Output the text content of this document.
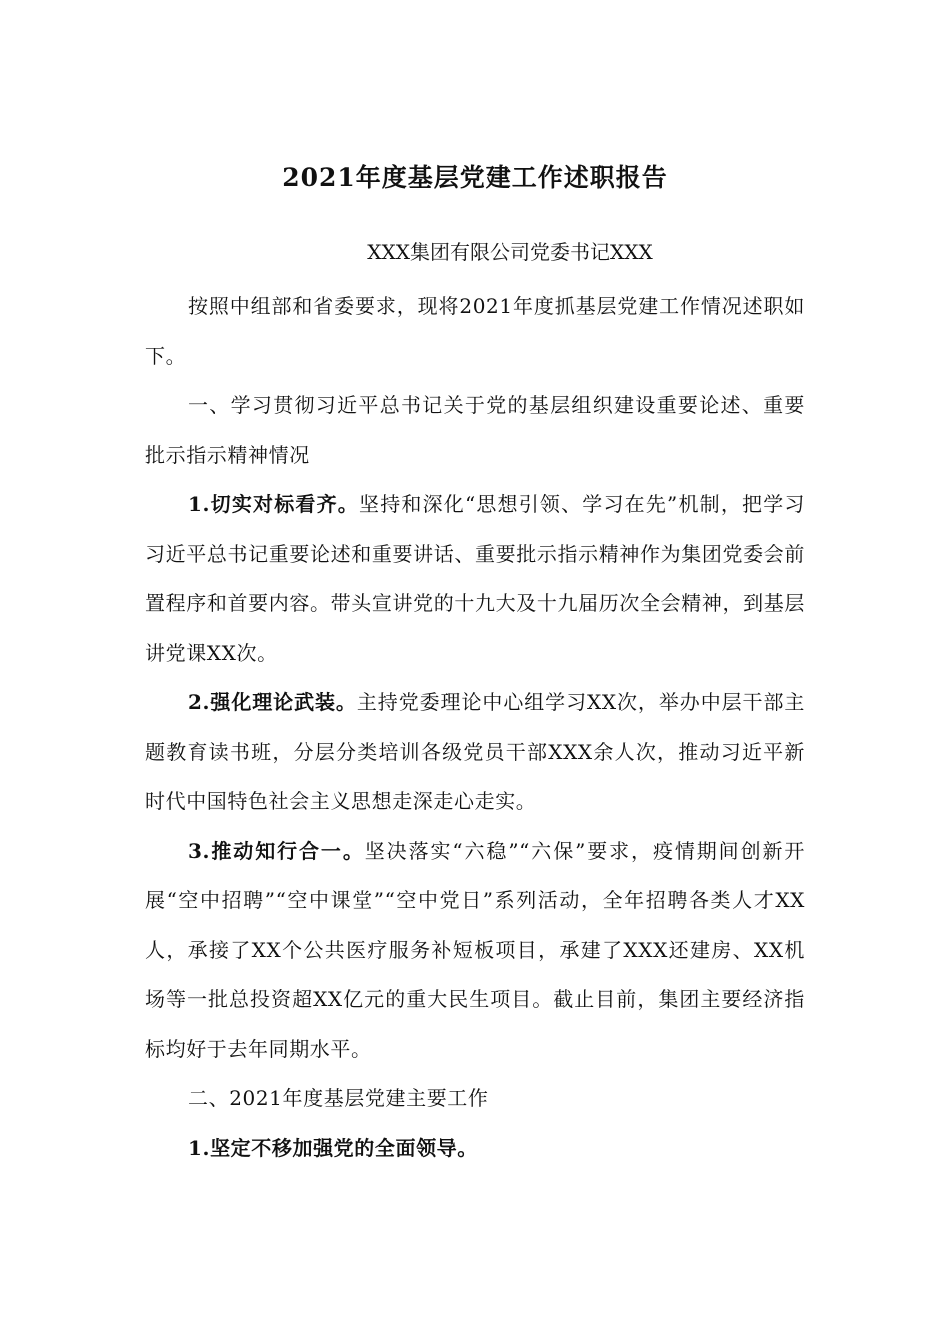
2021年度基层党建工作述职报告
XXX集团有限公司党委书记XXX

按照中组部和省委要求，现将2021年度抓基层党建工作情况述职如下。

一、学习贯彻习近平总书记关于党的基层组织建设重要论述、重要批示指示精神情况

1.切实对标看齐。坚持和深化“思想引领、学习在先”机制，把学习习近平总书记重要论述和重要讲话、重要批示指示精神作为集团党委会前置程序和首要内容。带头宣讲党的十九大及十九届历次全会精神，到基层讲党课XX次。

2.强化理论武装。主持党委理论中心组学习XX次，举办中层干部主题教育读书班，分层分类培训各级党员干部XXX余人次，推动习近平新时代中国特色社会主义思想走深走心走实。

3.推动知行合一。坚决落实“六稳”“六保”要求，疫情期间创新开展“空中招聘”“空中课堂”“空中党日”系列活动，全年招聘各类人才XX人，承接了XX个公共医疗服务补短板项目，承建了XXX还建房、XX机场等一批总投资超XX亿元的重大民生项目。截止目前，集团主要经济指标均好于去年同期水平。

二、2021年度基层党建主要工作

1.坚定不移加强党的全面领导。
